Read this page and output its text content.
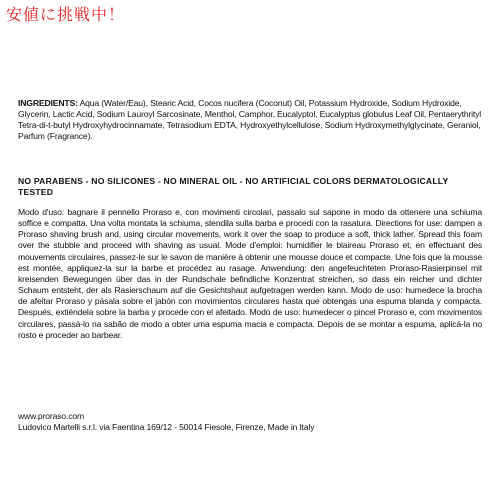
安値に挑戦中！

INGREDIENTS: Aqua (Water/Eau), Stearic Acid, Cocos nucifera (Coconut) Oil, Potassium Hydroxide, Sodium Hydroxide, Glycerin, Lactic Acid, Sodium Lauroyl Sarcosinate, Menthol, Camphor, Eucalyptol, Eucalyptus globulus Leaf Oil, Pentaerythrityl Tetra-di-t-butyl Hydroxyhydrocinnamate, Tetrasodium EDTA, Hydroxyethylcellulose, Sodium Hydroxymethylglycinate, Geraniol, Parfum (Fragrance).

NO PARABENS - NO SILICONES - NO MINERAL OIL - NO ARTIFICIAL COLORS DERMATOLOGICALLY TESTED

Modo d'uso: bagnare il pennello Proraso e, con movimenti circolari, passalo sul sapone in modo da ottenere una schiuma soffice e compatta. Una volta montata la schiuma, stendila sulla barba e procedi con la rasatura. Directions for use: dampen a Proraso shaving brush and, using circular movements, work it over the soap to produce a soft, thick lather. Spread this foam over the stubble and proceed with shaving as usual. Mode d'emploi: humidifier le blaireau Proraso et, en effectuant des mouvements circulaires, passez-le sur le savon de manière à obtenir une mousse douce et compacte. Une fois que la mousse est montée, appliquez-la sur la barbe et procédez au rasage. Anwendung: den angefeuchteten Proraso-Rasierpinsel mit kreisenden Bewegungen über das in der Rundschale befindliche Konzentrat streichen, so dass ein reicher und dichter Schaum entsteht, der als Rasierschaum auf die Gesichtshaut aufgetragen werden kann. Modo de uso: humedece la brocha de afeitar Proraso y pásala sobre el jabón con movimientos circulares hasta que obtengas una espuma blanda y compacta. Después, extiéndela sobre la barba y procede con el afeitado. Modo de uso: humedecer o pincel Proraso e, com movimentos circulares, passá-lo na sabão de modo a obter uma espuma macia e compacta. Depois de se montar a espuma, aplicá-la no rosto e proceder ao barbear.

www.proraso.com

Ludovico Martelli s.r.l. via Faentina 169/12 - 50014 Fiesole, Firenze, Made in Italy
